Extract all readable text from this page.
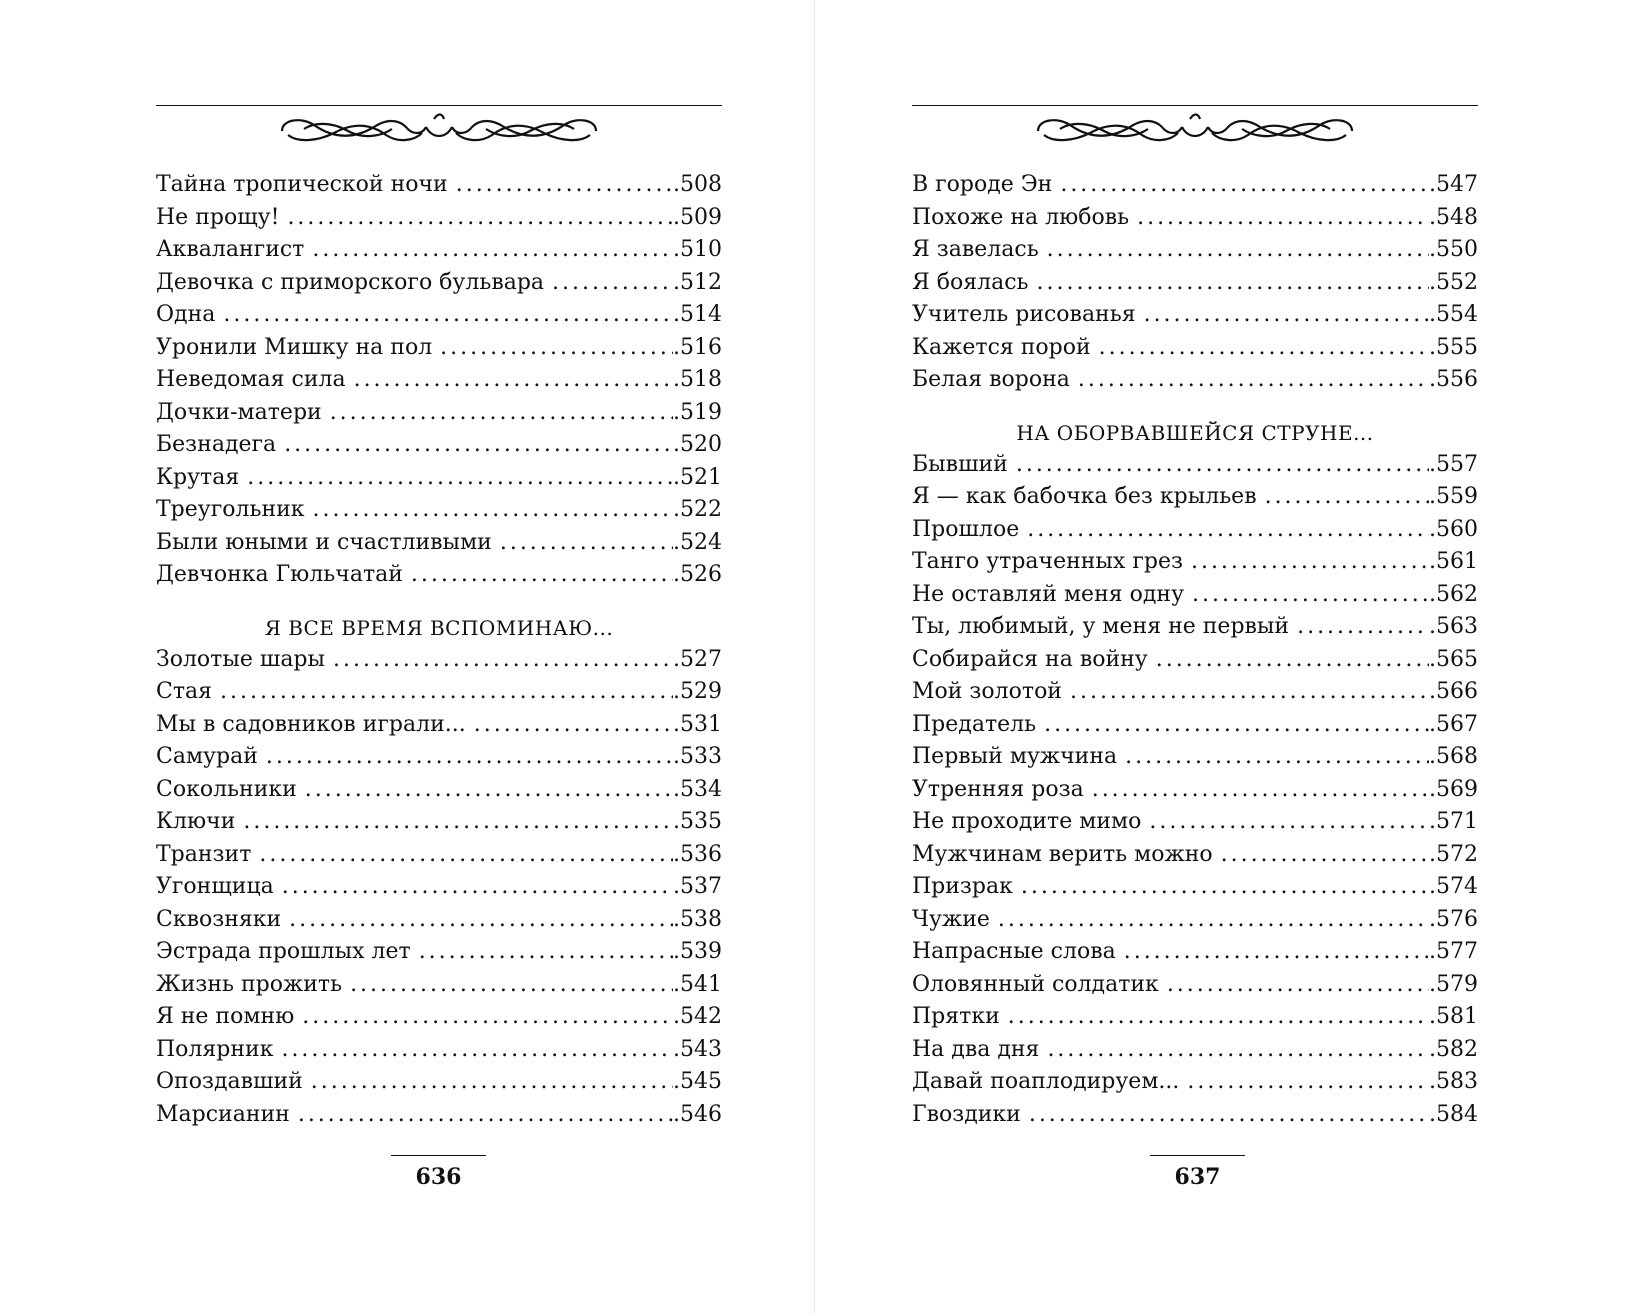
Тайна тропической ночи . . .	.508
Не прощу! . . .	.509
Аквалангист . . .	.510
Девочка с приморского бульвара . . .	.512
Одна . . .	.514
Уронили Мишку на пол . . .	.516
Неведомая сила . . .	.518
Дочки-матери . . .	.519
Безнадега . . .	.520
Крутая . . .	.521
Треугольник . . .	.522
Были юными и счастливыми . . .	.524
Девчонка Гюльчатай . . .	.526
Я ВСЕ ВРЕМЯ ВСПОМИНАЮ...
Золотые шары . . .	.527
Стая . . .	.529
Мы в садовников играли... . . .	.531
Самурай . . .	.533
Сокольники . . .	.534
Ключи . . .	.535
Транзит . . .	.536
Угонщица . . .	.537
Сквозняки . . .	.538
Эстрада прошлых лет . . .	.539
Жизнь прожить . . .	.541
Я не помню . . .	.542
Полярник . . .	.543
Опоздавший . . .	.545
Марсианин . . .	.546
636
В городе Эн . . .	.547
Похоже на любовь . . .	.548
Я завелась . . .	.550
Я боялась . . .	.552
Учитель рисованья . . .	.554
Кажется порой . . .	.555
Белая ворона . . .	.556
НА ОБОРВАВШЕЙСЯ СТРУНЕ...
Бывший . . .	.557
Я — как бабочка без крыльев . . .	.559
Прошлое . . .	.560
Танго утраченных грез . . .	.561
Не оставляй меня одну . . .	.562
Ты, любимый, у меня не первый . . .	.563
Собирайся на войну . . .	.565
Мой золотой . . .	.566
Предатель . . .	.567
Первый мужчина . . .	.568
Утренняя роза . . .	.569
Не проходите мимо . . .	.571
Мужчинам верить можно . . .	.572
Призрак . . .	.574
Чужие . . .	.576
Напрасные слова . . .	.577
Оловянный солдатик . . .	.579
Прятки . . .	.581
На два дня . . .	.582
Давай поаплодируем... . . .	.583
Гвоздики . . .	.584
637
